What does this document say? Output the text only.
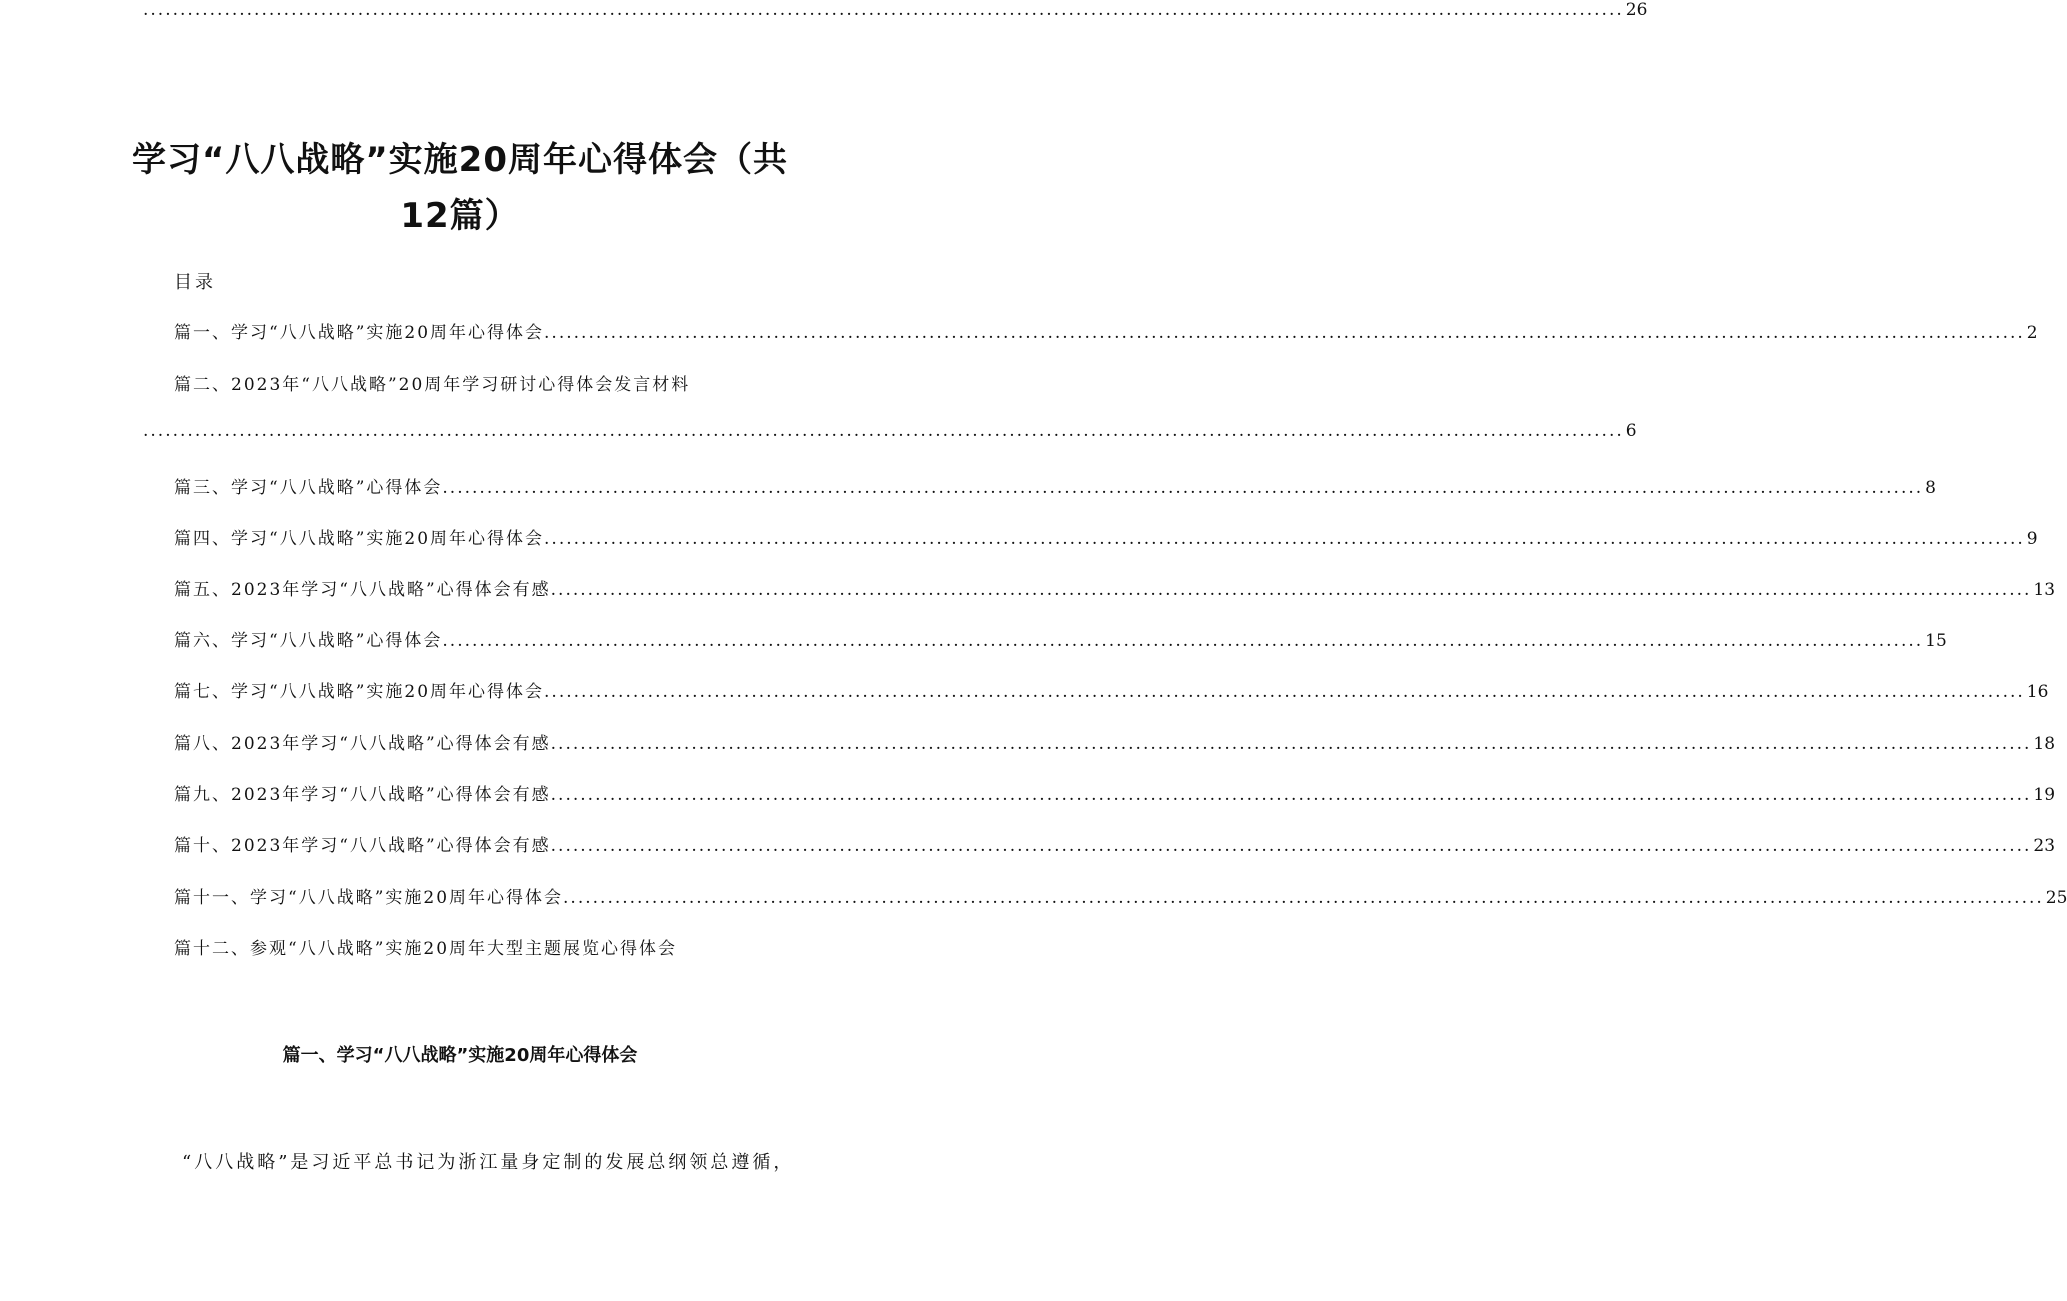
学习“八八战略”实施20周年心得体会（共
12篇）
目录
篇一、学习“八八战略”实施20周年心得体会 ........................................................................................................................................................................................................ 2
篇二、2023年“八八战略”20周年学习研讨心得体会发言材料
........................................................................................................................................................................................................ 6
篇三、学习“八八战略”心得体会 ........................................................................................................................................................................................................ 8
篇四、学习“八八战略”实施20周年心得体会 ........................................................................................................................................................................................................ 9
篇五、2023年学习“八八战略”心得体会有感 ........................................................................................................................................................................................................ 13
篇六、学习“八八战略”心得体会 ........................................................................................................................................................................................................ 15
篇七、学习“八八战略”实施20周年心得体会 ........................................................................................................................................................................................................ 16
篇八、2023年学习“八八战略”心得体会有感 ........................................................................................................................................................................................................ 18
篇九、2023年学习“八八战略”心得体会有感 ........................................................................................................................................................................................................ 19
篇十、2023年学习“八八战略”心得体会有感 ........................................................................................................................................................................................................ 23
篇十一、学习“八八战略”实施20周年心得体会 ........................................................................................................................................................................................................ 25
篇十二、参观“八八战略”实施20周年大型主题展览心得体会
........................................................................................................................................................................................................ 26
篇一、学习“八八战略”实施20周年心得体会
“八八战略”是习近平总书记为浙江量身定制的发展总纲领总遵循，
